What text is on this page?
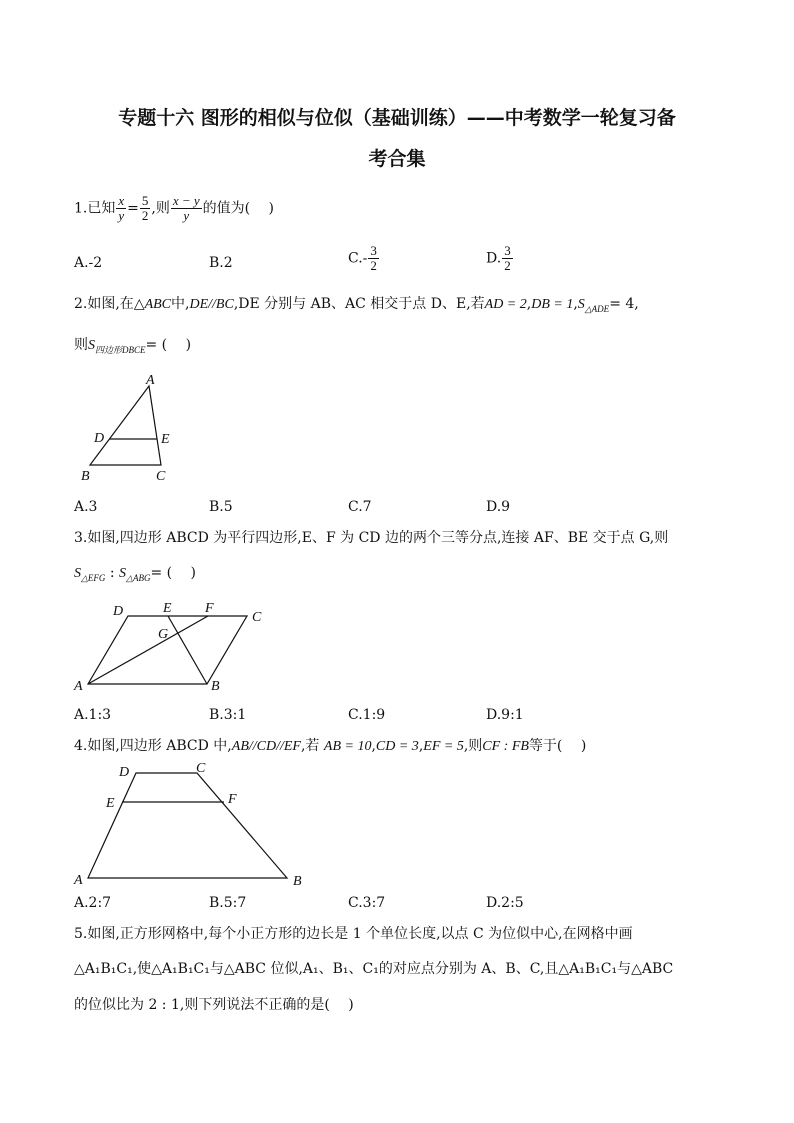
专题十六 图形的相似与位似（基础训练）——中考数学一轮复习备
考合集
1.已知 $\frac{x}{y} = \frac{5}{2}$ ,则 $\frac{x - y}{y}$ 的值为(　 )
A.-2	B.2	$C.- \frac{3}{2}$	D. $\frac{3}{2}$
2.如图,在△ABC中,DE//BC,DE 分别与 AB、AC 相交于点 D、E,若AD = $2,DB = 1,S_{\triangle ADE}= 4$,
则$S_{四边形DBCE}=$ (　 )
A
D	E
B	C
A.3	B.5	C.7	D.9
3.如图,四边形 ABCD 为平行四边形,E、F 为 CD 边的两个三等分点,连接 AF、BE 交于点 G,则
$S_{\triangle EFG}$ : $S_{\triangle ABG}=$ (　 )
D	E F
C
G
A	B
A.1:3	B.3:1	C.1:9	D.9:1
4.如图,四边形 ABCD 中,AB//CD//EF,若 AB = 10,CD = 3,EF = 5,则CF : FB等于(　 )
D	C
E	F
A	B
A.2:7	B.5:7	C.3:7	D.2:5
5.如图,正方形网格中,每个小正方形的边长是 1 个单位长度,以点 C 为位似中心,在网格中画
△A₁B₁C₁,使△A₁B₁C₁与△ABC 位似,A₁、B₁、C₁的对应点分别为 A、B、C,且△A₁B₁C₁与△ABC
的位似比为 2 : 1,则下列说法不正确的是(　 )
